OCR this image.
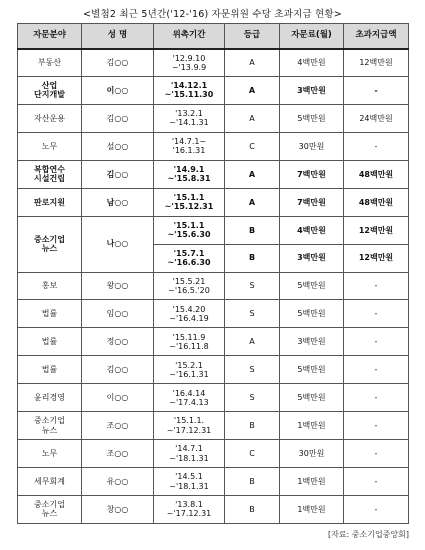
<별첨2 최근 5년간('12-'16) 자문위원 수당 초과지급 현황>
자문분야	성 명	위촉기간	등급	자문료(월)	초과지급액
부동산	김○○	'12.9.10
~'13.9.9	A	4백만원	12백만원
산업
단지개발	이○○	'14.12.1
~'15.11.30	A	3백만원	-
자산운용	김○○	'13.2.1
~'14.1.31	A	5백만원	24백만원
노무	설○○	'14.7.1~
'16.1.31	C	30만원	-
복합연수
시설건립	김○○	'14.9.1
~'15.8.31	A	7백만원	48백만원
판로지원	남○○	'15.1.1
~'15.12.31	A	7백만원	48백만원
중소기업
뉴스	나○○	'15.1.1
~'15.6.30	B	4백만원	12백만원
		'15.7.1
~'16.6.30	B	3백만원	12백만원
홍보	왕○○	'15.5.21
~'16.5.'20	S	5백만원	-
법률	임○○	'15.4.20
~'16.4.19	S	5백만원	-
법률	정○○	'15.11.9
~'16.11.8	A	3백만원	-
법률	김○○	'15.2.1
~'16.1.31	S	5백만원	-
윤리경영	이○○	'16.4.14
~'17.4.13	S	5백만원	-
중소기업
뉴스	조○○	'15.1.1.
~'17.12.31	B	1백만원	-
노무	조○○	'14.7.1
~'18.1.31	C	30만원	-
세무회계	유○○	'14.5.1
~'18.1.31	B	1백만원	-
중소기업
뉴스	창○○	'13.8.1
~'17.12.31	B	1백만원	-
[자료: 중소기업중앙회]
